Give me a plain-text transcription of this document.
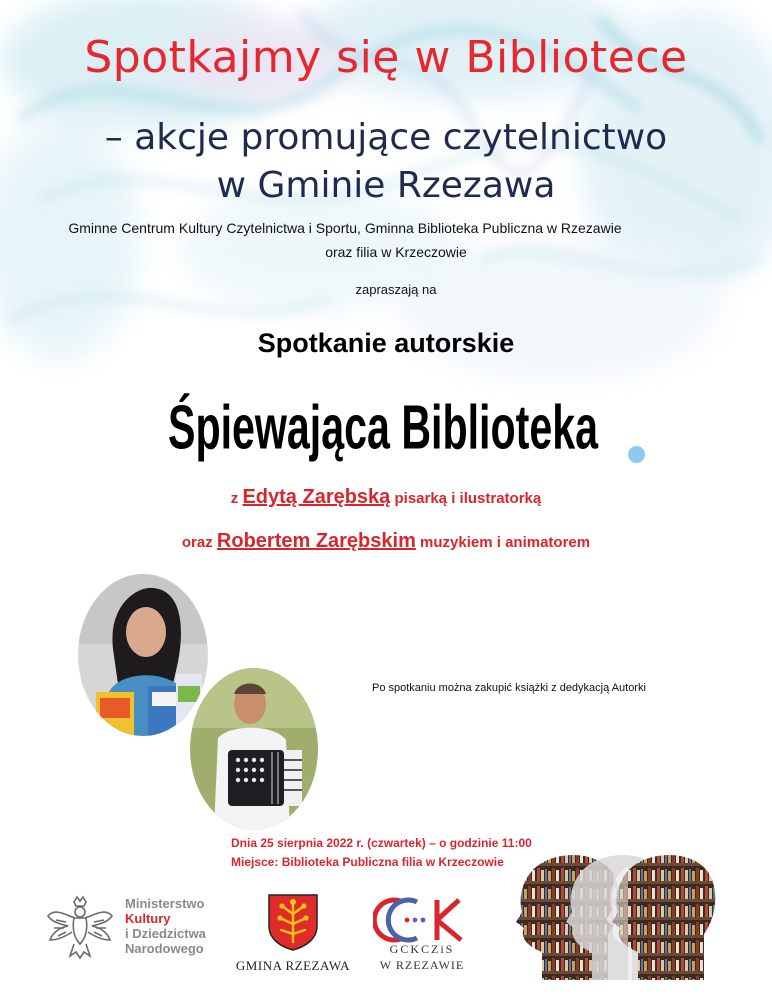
Spotkajmy się w Bibliotece
– akcje promujące czytelnictwo
w Gminie Rzezawa
Gminne Centrum Kultury Czytelnictwa i Sportu, Gminna Biblioteka Publiczna w Rzezawie
oraz filia w Krzeczowie
zapraszają na
Spotkanie autorskie
Śpiewająca Biblioteka
z Edytą Zarębską pisarką i ilustratorką
oraz Robertem Zarębskim muzykiem i animatorem
Po spotkaniu można zakupić książki z dedykacją Autorki
Dnia 25 sierpnia 2022 r. (czwartek) – o godzinie 11:00
Miejsce: Biblioteka Publiczna filia w Krzeczowie
Ministerstwo
Kultury
i Dziedzictwa
Narodowego
GMINA RZEZAWA
GCKCZiS
W RZEZAWIE
